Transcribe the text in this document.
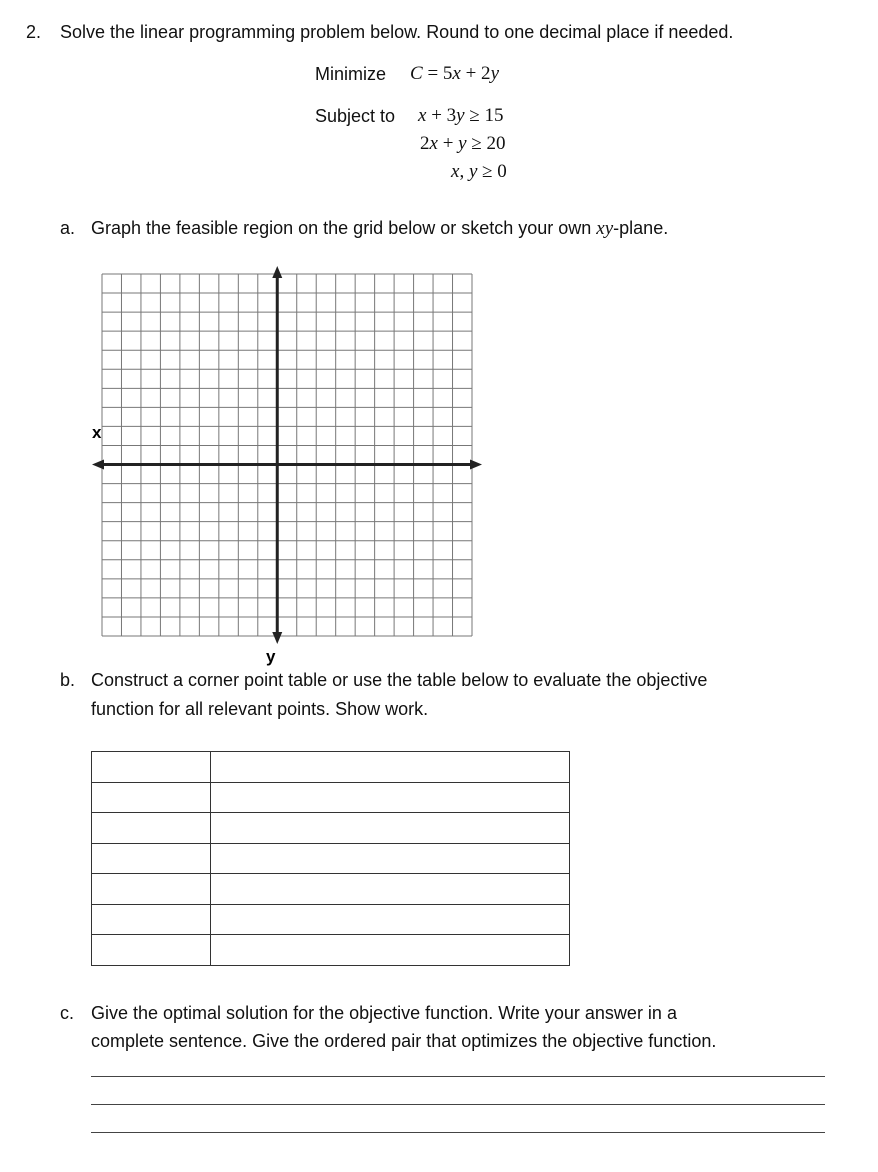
2. Solve the linear programming problem below. Round to one decimal place if needed.
Minimize C = 5x + 2y
Subject to x + 3y ≥ 15
2x + y ≥ 20
x, y ≥ 0
a. Graph the feasible region on the grid below or sketch your own xy-plane.
x
y
b. Construct a corner point table or use the table below to evaluate the objective
function for all relevant points. Show work.

c. Give the optimal solution for the objective function. Write your answer in a
complete sentence. Give the ordered pair that optimizes the objective function.
